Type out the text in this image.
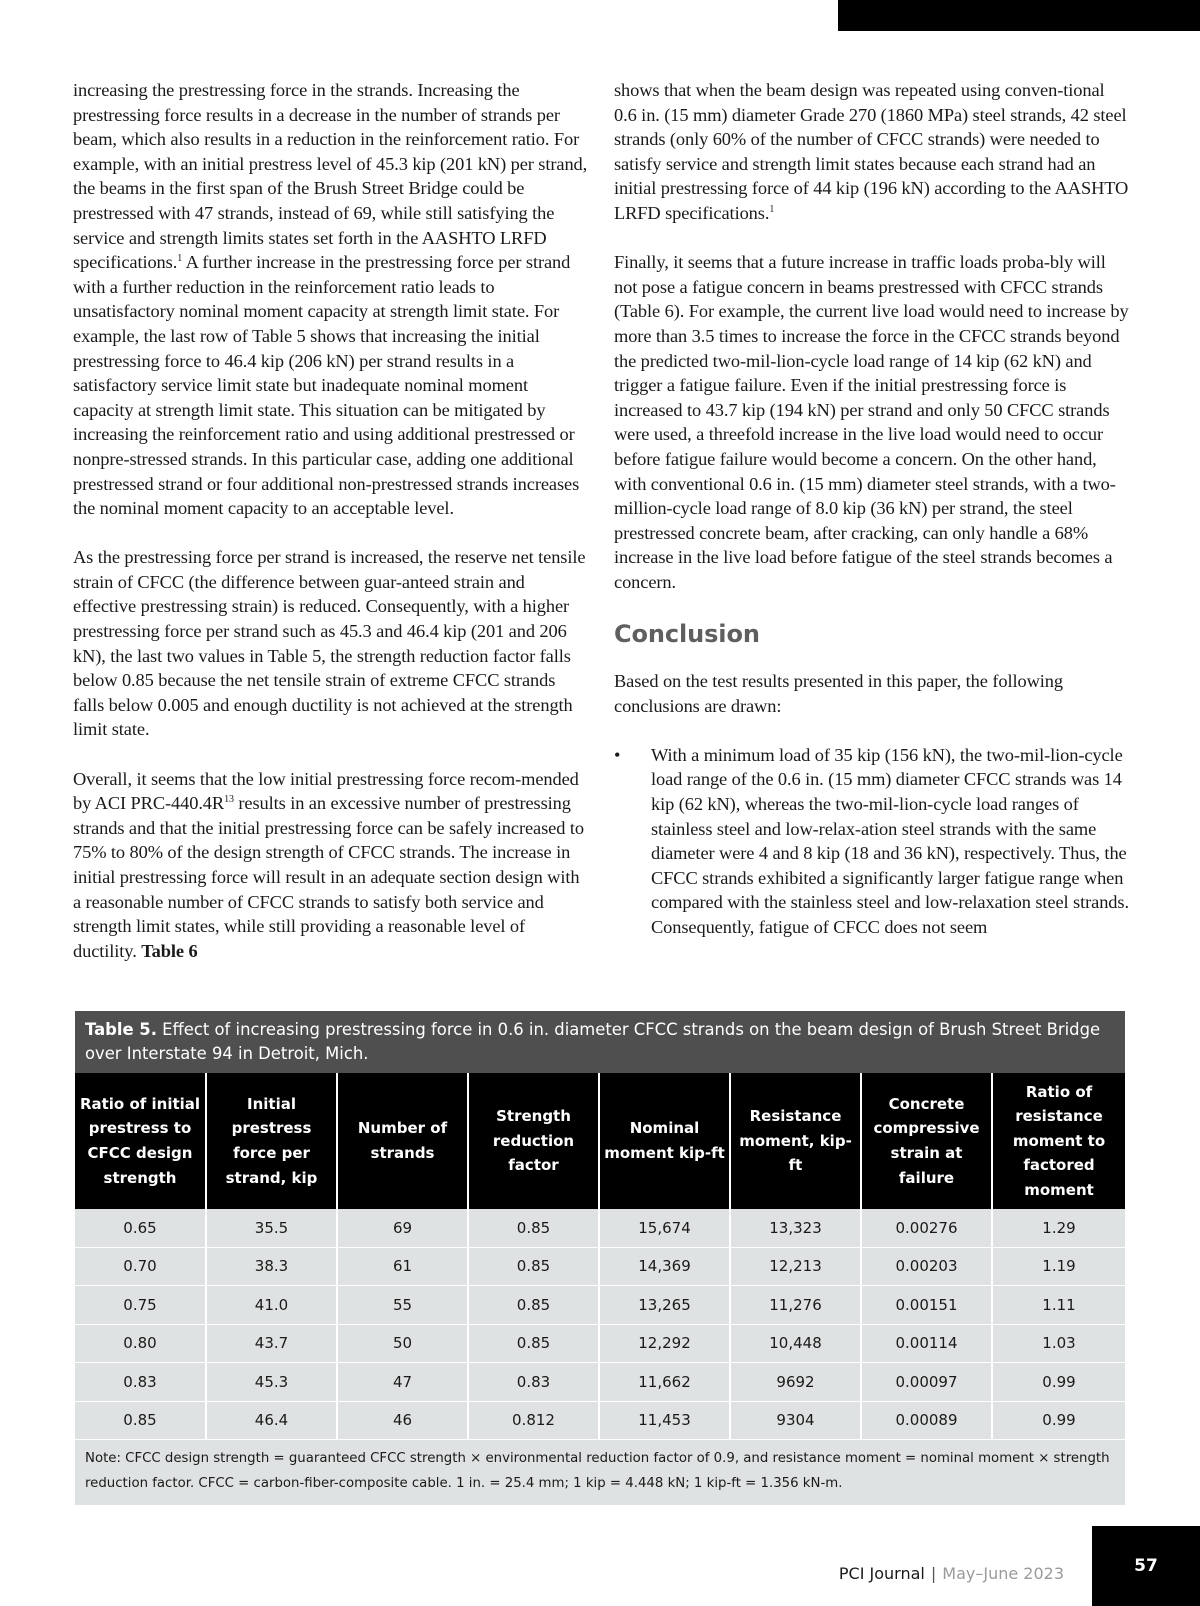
increasing the prestressing force in the strands. Increasing the prestressing force results in a decrease in the number of strands per beam, which also results in a reduction in the reinforcement ratio. For example, with an initial prestress level of 45.3 kip (201 kN) per strand, the beams in the first span of the Brush Street Bridge could be prestressed with 47 strands, instead of 69, while still satisfying the service and strength limits states set forth in the AASHTO LRFD specifications.$^1$ A further increase in the prestressing force per strand with a further reduction in the reinforcement ratio leads to unsatisfactory nominal moment capacity at strength limit state. For example, the last row of Table 5 shows that increasing the initial prestressing force to 46.4 kip (206 kN) per strand results in a satisfactory service limit state but inadequate nominal moment capacity at strength limit state. This situation can be mitigated by increasing the reinforcement ratio and using additional prestressed or nonpre-stressed strands. In this particular case, adding one additional prestressed strand or four additional non-prestressed strands increases the nominal moment capacity to an acceptable level.

As the prestressing force per strand is increased, the reserve net tensile strain of CFCC (the difference between guar-anteed strain and effective prestressing strain) is reduced. Consequently, with a higher prestressing force per strand such as 45.3 and 46.4 kip (201 and 206 kN), the last two values in Table 5, the strength reduction factor falls below 0.85 because the net tensile strain of extreme CFCC strands falls below 0.005 and enough ductility is not achieved at the strength limit state.

Overall, it seems that the low initial prestressing force recom-mended by ACI PRC-$440.4R^{13}$ results in an excessive number of prestressing strands and that the initial prestressing force can be safely increased to 75% to 80% of the design strength of CFCC strands. The increase in initial prestressing force will result in an adequate section design with a reasonable number of CFCC strands to satisfy both service and strength limit states, while still providing a reasonable level of ductility. Table 6

shows that when the beam design was repeated using conven-tional 0.6 in. (15 mm) diameter Grade 270 (1860 MPa) steel strands, 42 steel strands (only 60% of the number of CFCC strands) were needed to satisfy service and strength limit states because each strand had an initial prestressing force of 44 kip (196 kN) according to the AASHTO LRFD specifications.$^1$

Finally, it seems that a future increase in traffic loads proba-bly will not pose a fatigue concern in beams prestressed with CFCC strands (Table 6). For example, the current live load would need to increase by more than 3.5 times to increase the force in the CFCC strands beyond the predicted two-mil-lion-cycle load range of 14 kip (62 kN) and trigger a fatigue failure. Even if the initial prestressing force is increased to 43.7 kip (194 kN) per strand and only 50 CFCC strands were used, a threefold increase in the live load would need to occur before fatigue failure would become a concern. On the other hand, with conventional 0.6 in. (15 mm) diameter steel strands, with a two-million-cycle load range of 8.0 kip (36 kN) per strand, the steel prestressed concrete beam, after cracking, can only handle a 68% increase in the live load before fatigue of the steel strands becomes a concern.

Conclusion

Based on the test results presented in this paper, the following conclusions are drawn:

• With a minimum load of 35 kip (156 kN), the two-mil-lion-cycle load range of the 0.6 in. (15 mm) diameter CFCC strands was 14 kip (62 kN), whereas the two-mil-lion-cycle load ranges of stainless steel and low-relax-ation steel strands with the same diameter were 4 and 8 kip (18 and 36 kN), respectively. Thus, the CFCC strands exhibited a significantly larger fatigue range when compared with the stainless steel and low-relaxation steel strands. Consequently, fatigue of CFCC does not seem
Table 5. Effect of increasing prestressing force in 0.6 in. diameter CFCC strands on the beam design of Brush Street Bridge over Interstate 94 in Detroit, Mich.
Ratio of initial prestress to CFCC design strength	Initial prestress force per strand, kip	Number of strands	Strength reduction factor	Nominal moment kip-ft	Resistance moment, kip-ft	Concrete compressive strain at failure	Ratio of resistance moment to factored moment
0.65	35.5	69	0.85	15,674	13,323	0.00276	1.29
0.70	38.3	61	0.85	14,369	12,213	0.00203	1.19
0.75	41.0	55	0.85	13,265	11,276	0.00151	1.11
0.80	43.7	50	0.85	12,292	10,448	0.00114	1.03
0.83	45.3	47	0.83	11,662	9692	0.00097	0.99
0.85	46.4	46	0.812	11,453	9304	0.00089	0.99
Note: CFCC design strength = guaranteed CFCC strength × environmental reduction factor of 0.9, and resistance moment = nominal moment × strength reduction factor. CFCC = carbon-fiber-composite cable. 1 in. = 25.4 mm; 1 kip = 4.448 kN; 1 kip-ft = 1.356 kN-m.
PCI Journal | May–June 2023	57
